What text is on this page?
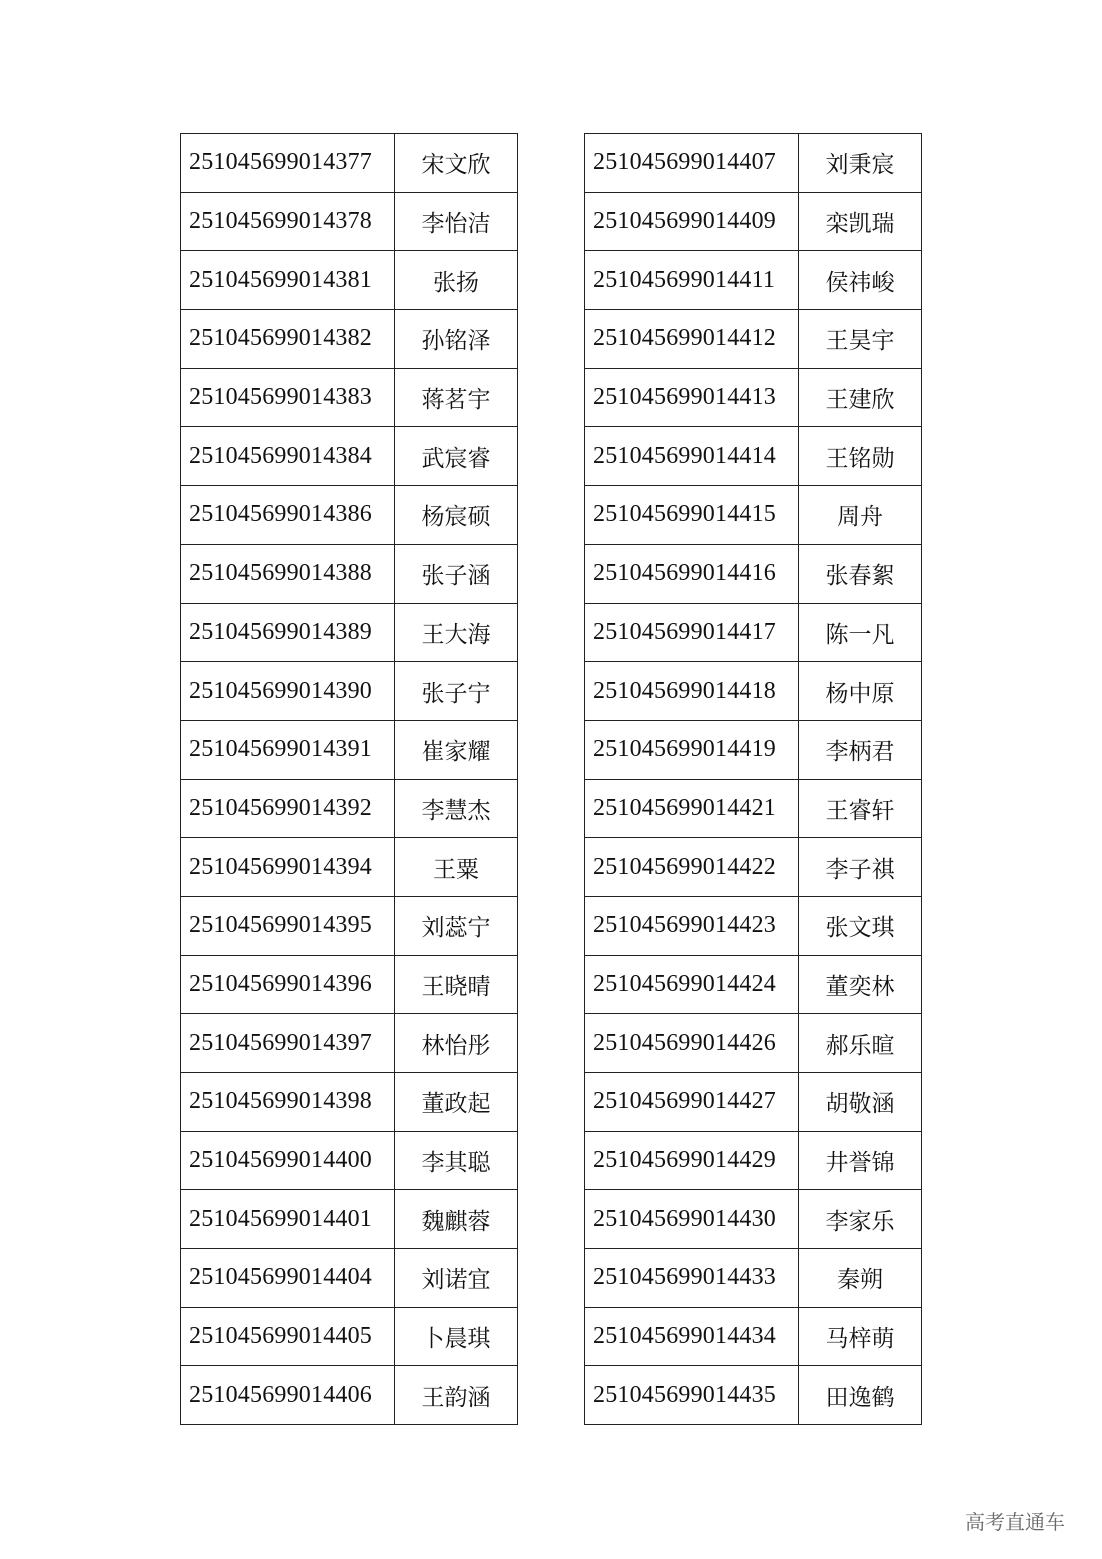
251045699014377	宋文欣
251045699014378	李怡洁
251045699014381	张扬
251045699014382	孙铭泽
251045699014383	蒋茗宇
251045699014384	武宸睿
251045699014386	杨宸硕
251045699014388	张子涵
251045699014389	王大海
251045699014390	张子宁
251045699014391	崔家耀
251045699014392	李慧杰
251045699014394	王粟
251045699014395	刘蕊宁
251045699014396	王晓晴
251045699014397	林怡彤
251045699014398	董政起
251045699014400	李其聪
251045699014401	魏麒蓉
251045699014404	刘诺宜
251045699014405	卜晨琪
251045699014406	王韵涵
251045699014407	刘秉宸
251045699014409	栾凯瑞
251045699014411	侯祎峻
251045699014412	王昊宇
251045699014413	王建欣
251045699014414	王铭勋
251045699014415	周舟
251045699014416	张春絮
251045699014417	陈一凡
251045699014418	杨中原
251045699014419	李柄君
251045699014421	王睿轩
251045699014422	李子祺
251045699014423	张文琪
251045699014424	董奕林
251045699014426	郝乐暄
251045699014427	胡敬涵
251045699014429	井誉锦
251045699014430	李家乐
251045699014433	秦朔
251045699014434	马梓萌
251045699014435	田逸鹤
高考直通车
